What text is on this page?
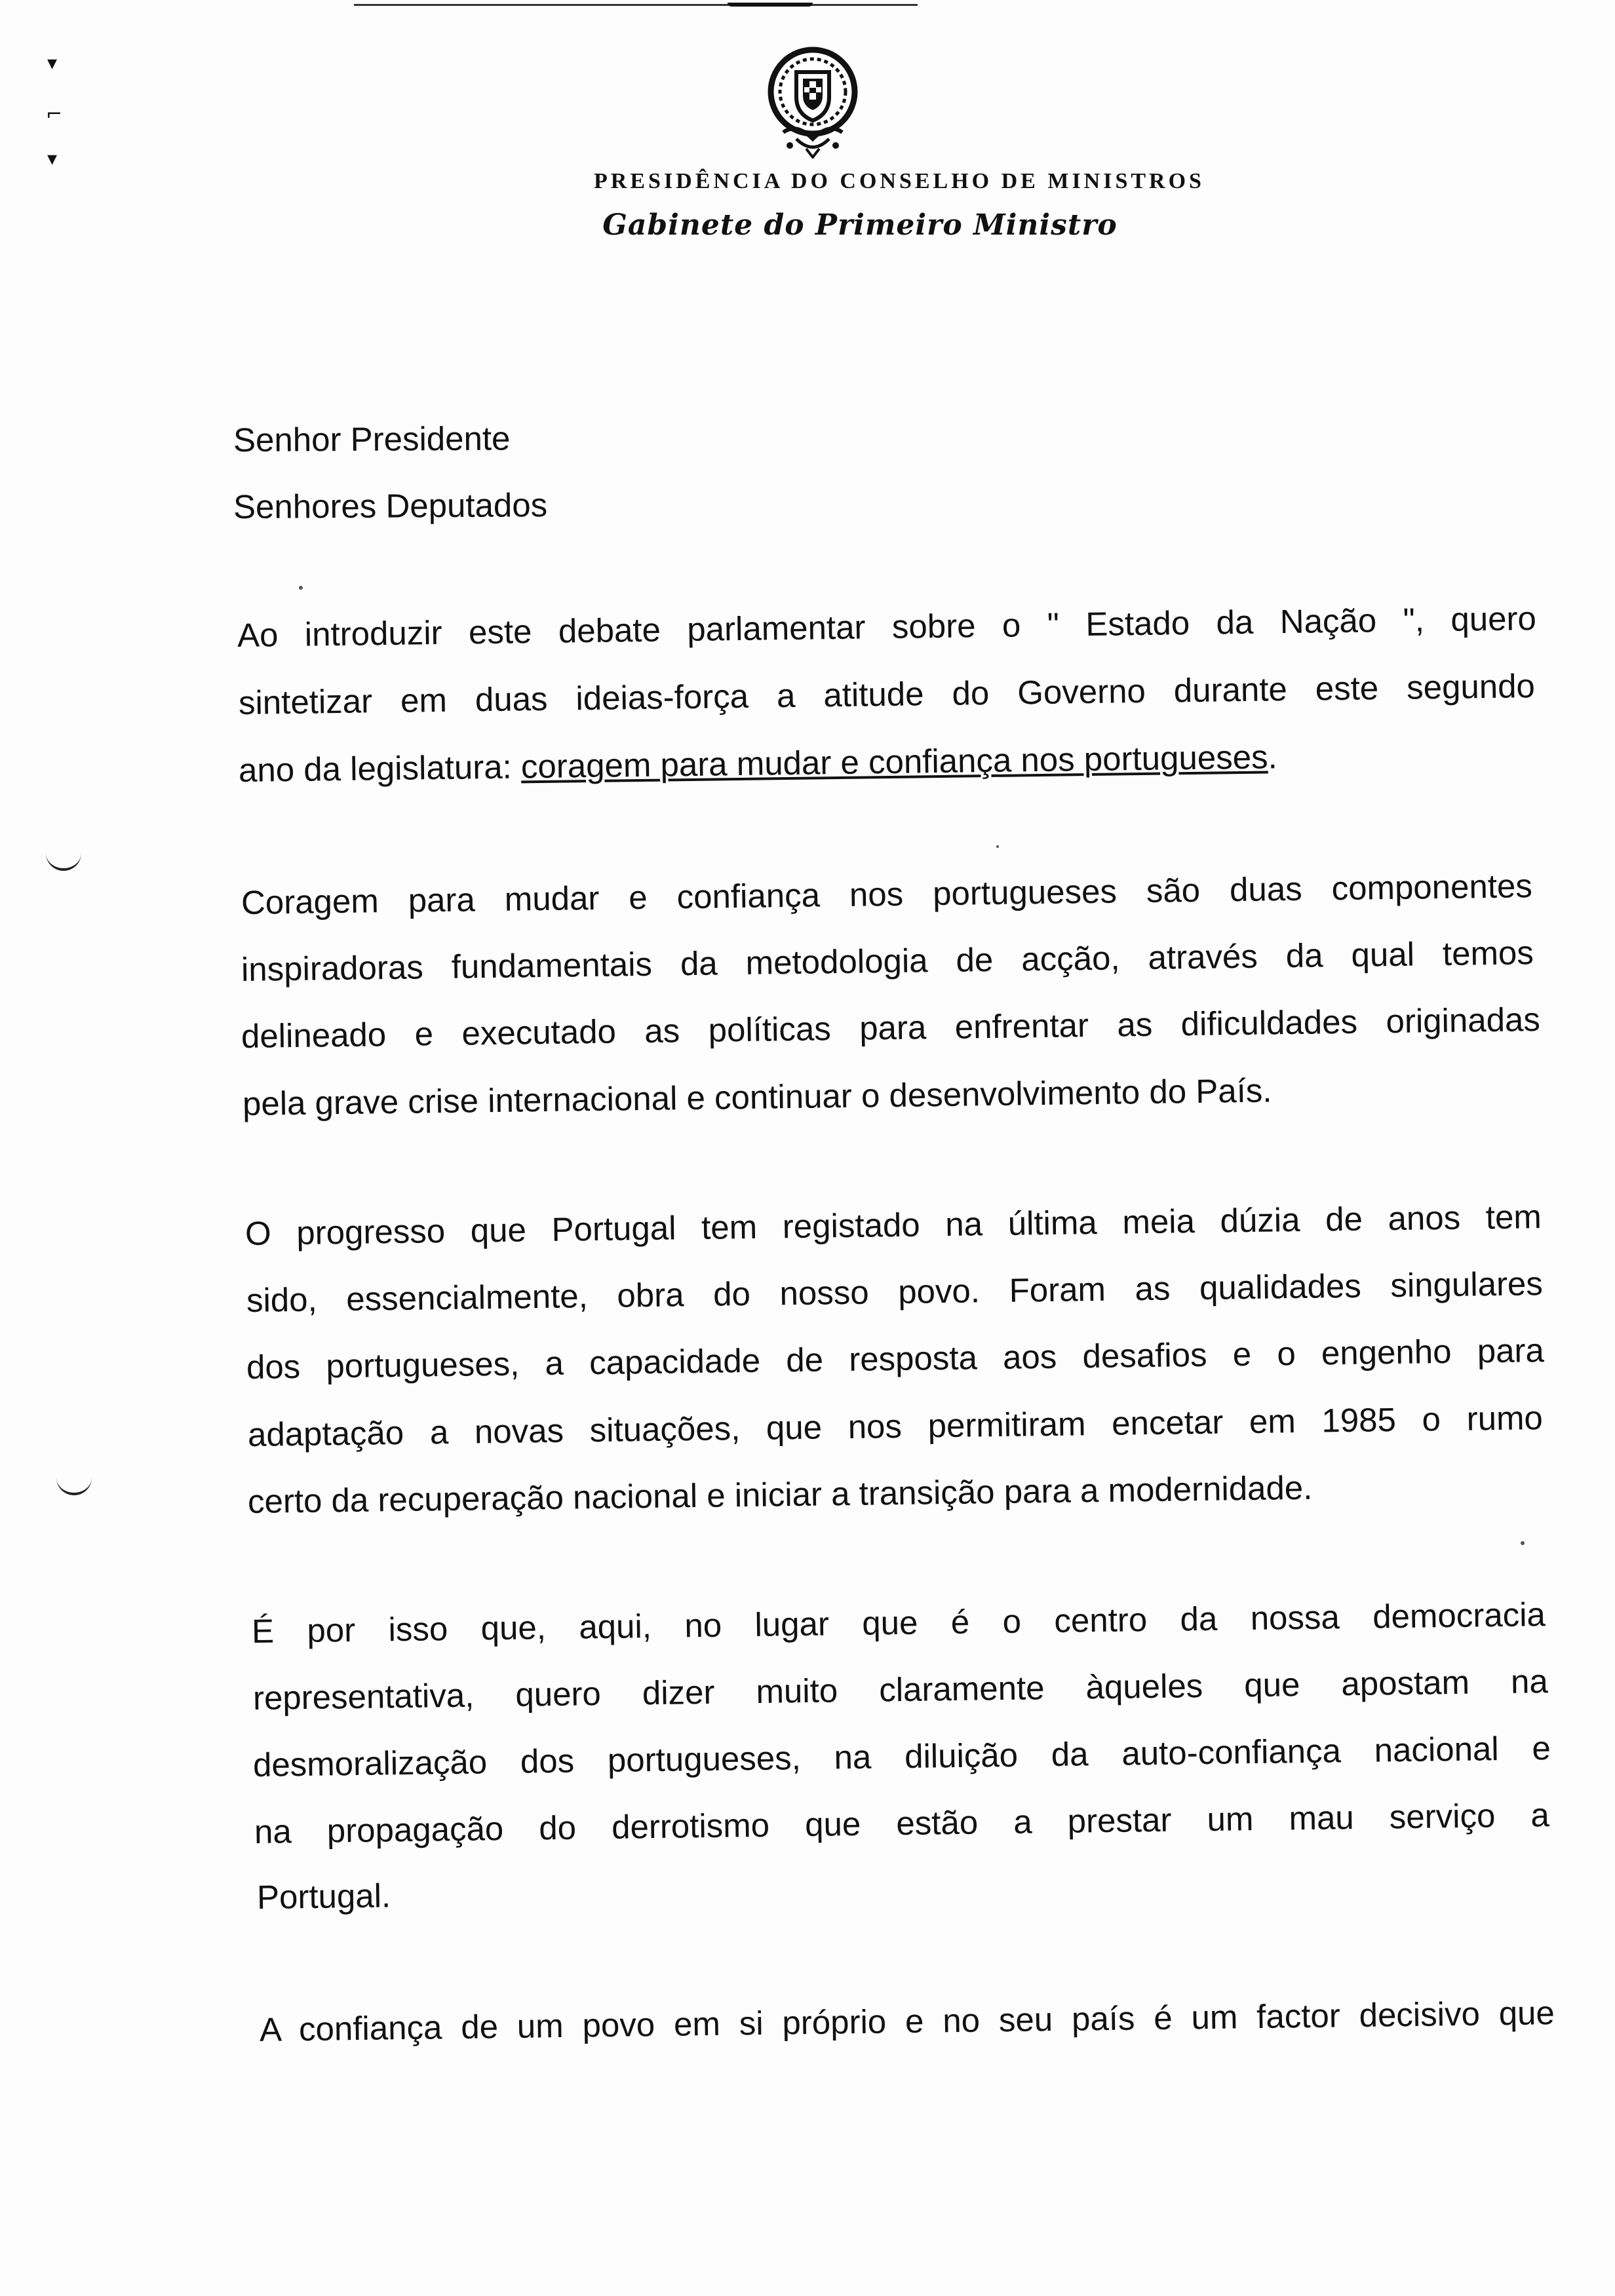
▾
⌐
▾
PRESIDÊNCIA DO CONSELHO DE MINISTROS
Gabinete do Primeiro Ministro
Senhor Presidente
Senhores Deputados
Ao introduzir este debate parlamentar sobre o " Estado da Nação ", quero
sintetizar em duas ideias-força a atitude do Governo durante este segundo
ano da legislatura: coragem para mudar e confiança nos portugueses.
Coragem para mudar e confiança nos portugueses são duas componentes
inspiradoras fundamentais da metodologia de acção, através da qual temos
delineado e executado as políticas para enfrentar as dificuldades originadas
pela grave crise internacional e continuar o desenvolvimento do País.
O progresso que Portugal tem registado na última meia dúzia de anos tem
sido, essencialmente, obra do nosso povo. Foram as qualidades singulares
dos portugueses, a capacidade de resposta aos desafios e o engenho para
adaptação a novas situações, que nos permitiram encetar em 1985 o rumo
certo da recuperação nacional e iniciar a transição para a modernidade.
É por isso que, aqui, no lugar que é o centro da nossa democracia
representativa, quero dizer muito claramente àqueles que apostam na
desmoralização dos portugueses, na diluição da auto-confiança nacional e
na propagação do derrotismo que estão a prestar um mau serviço a
Portugal.
A confiança de um povo em si próprio e no seu país é um factor decisivo que
